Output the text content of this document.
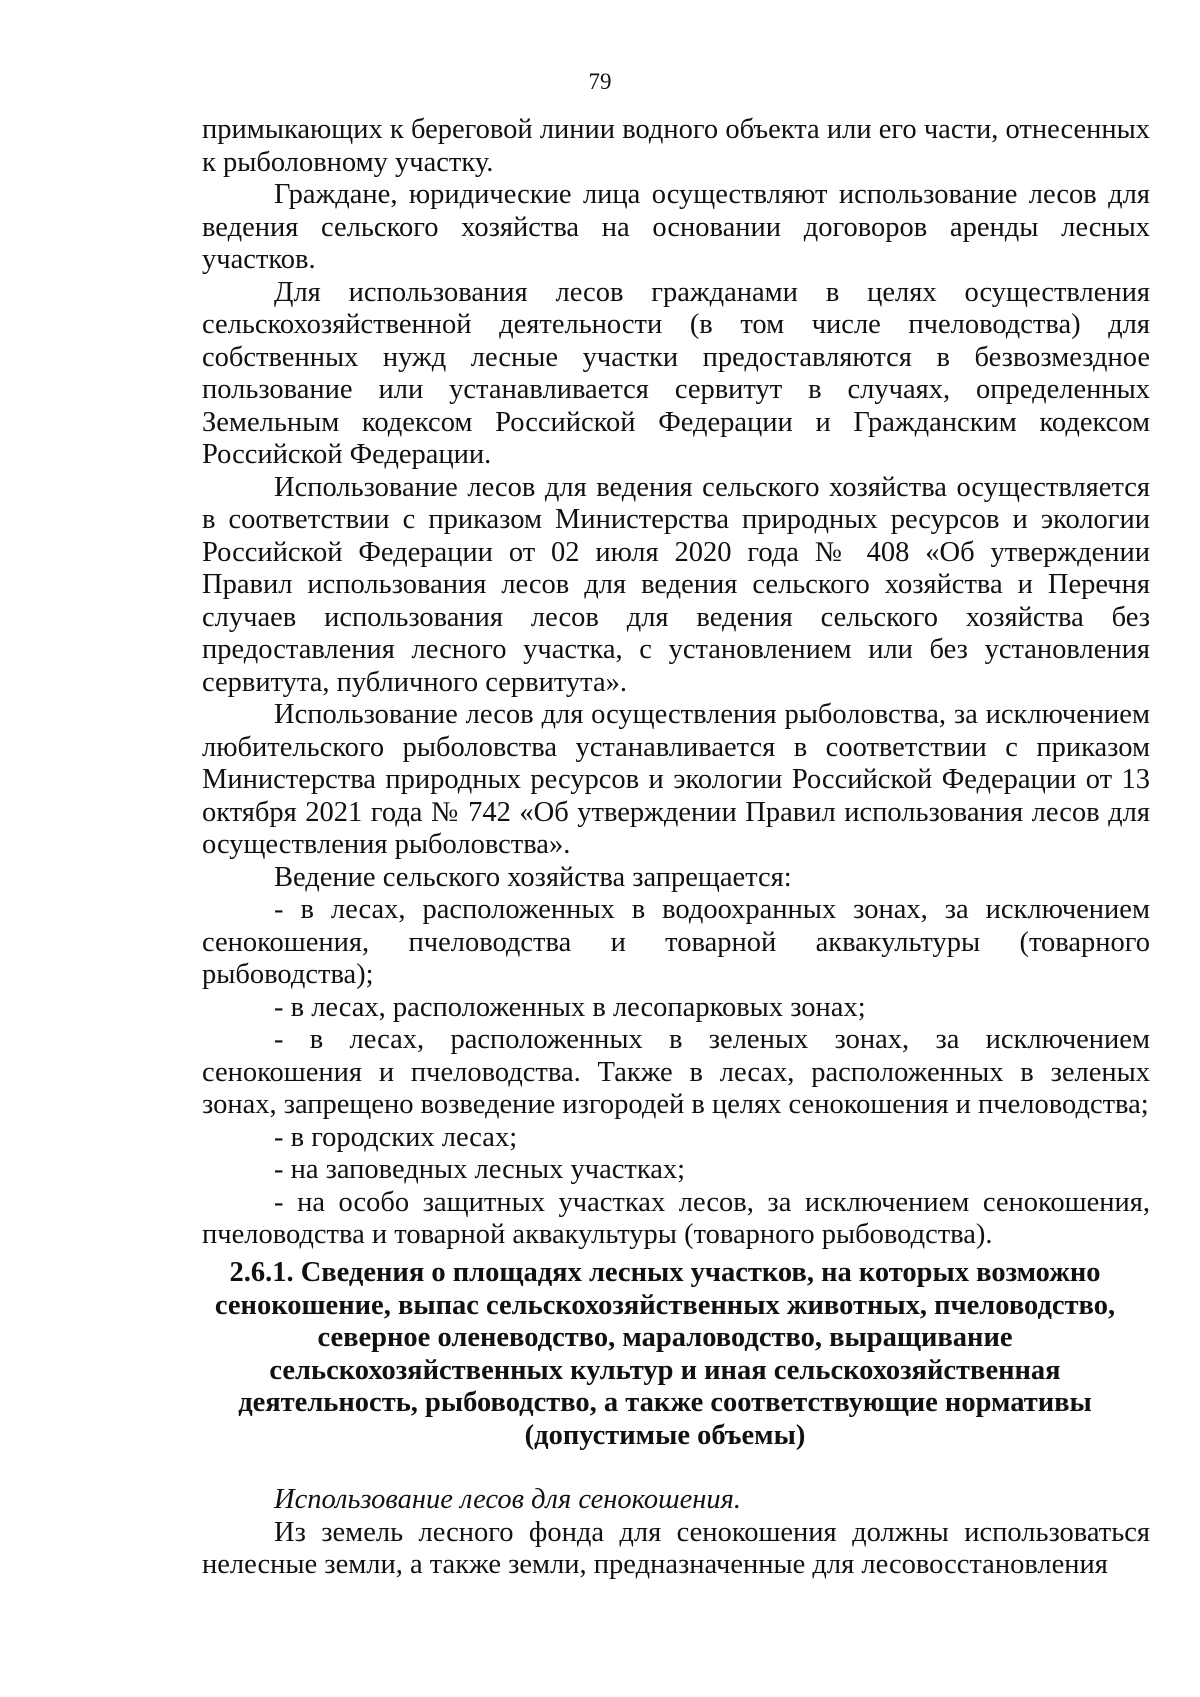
79

примыкающих к береговой линии водного объекта или его части, отнесенных к рыболовному участку.

Граждане, юридические лица осуществляют использование лесов для ведения сельского хозяйства на основании договоров аренды лесных участков.

Для использования лесов гражданами в целях осуществления сельскохозяйственной деятельности (в том числе пчеловодства) для собственных нужд лесные участки предоставляются в безвозмездное пользование или устанавливается сервитут в случаях, определенных Земельным кодексом Российской Федерации и Гражданским кодексом Российской Федерации.

Использование лесов для ведения сельского хозяйства осуществляется в соответствии с приказом Министерства природных ресурсов и экологии Российской Федерации от 02 июля 2020 года № 408 «Об утверждении Правил использования лесов для ведения сельского хозяйства и Перечня случаев использования лесов для ведения сельского хозяйства без предоставления лесного участка, с установлением или без установления сервитута, публичного сервитута».

Использование лесов для осуществления рыболовства, за исключением любительского рыболовства устанавливается в соответствии с приказом Министерства природных ресурсов и экологии Российской Федерации от 13 октября 2021 года № 742 «Об утверждении Правил использования лесов для осуществления рыболовства».

Ведение сельского хозяйства запрещается:

- в лесах, расположенных в водоохранных зонах, за исключением сенокошения, пчеловодства и товарной аквакультуры (товарного рыбоводства);

- в лесах, расположенных в лесопарковых зонах;

- в лесах, расположенных в зеленых зонах, за исключением сенокошения и пчеловодства. Также в лесах, расположенных в зеленых зонах, запрещено возведение изгородей в целях сенокошения и пчеловодства;

- в городских лесах;

- на заповедных лесных участках;

- на особо защитных участках лесов, за исключением сенокошения, пчеловодства и товарной аквакультуры (товарного рыбоводства).

2.6.1. Сведения о площадях лесных участков, на которых возможно сенокошение, выпас сельскохозяйственных животных, пчеловодство, северное оленеводство, мараловодство, выращивание сельскохозяйственных культур и иная сельскохозяйственная деятельность, рыбоводство, а также соответствующие нормативы (допустимые объемы)

Использование лесов для сенокошения.

Из земель лесного фонда для сенокошения должны использоваться нелесные земли, а также земли, предназначенные для лесовосстановления
